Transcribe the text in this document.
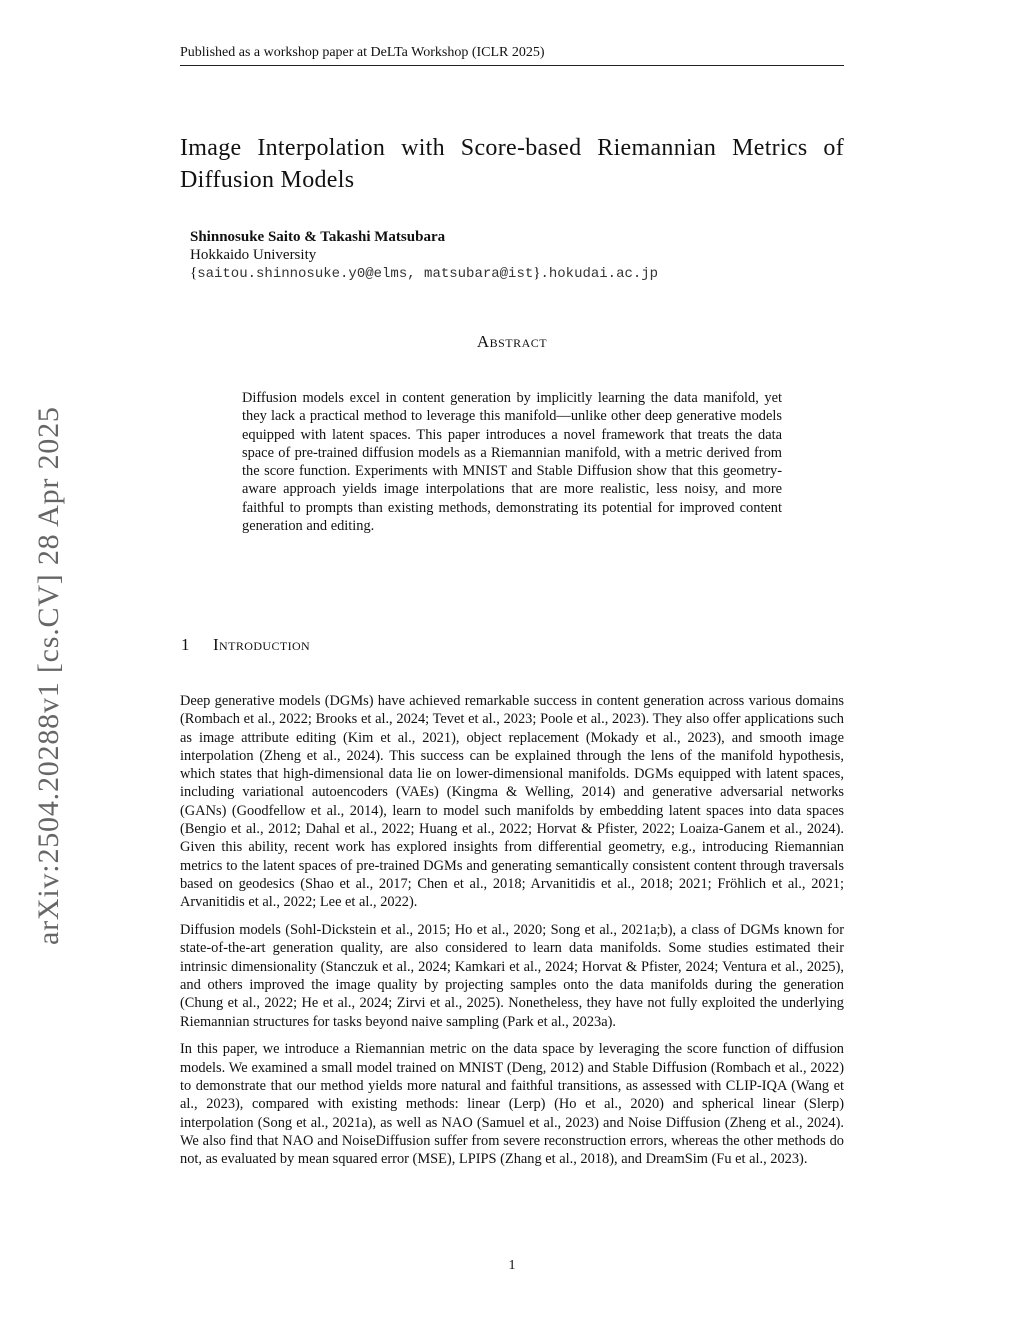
Published as a workshop paper at DeLTa Workshop (ICLR 2025)
Image Interpolation with Score-based Riemannian Metrics of Diffusion Models
Shinnosuke Saito & Takashi Matsubara
Hokkaido University
{saitou.shinnosuke.y0@elms, matsubara@ist}.hokudai.ac.jp
Abstract
Diffusion models excel in content generation by implicitly learning the data manifold, yet they lack a practical method to leverage this manifold—unlike other deep generative models equipped with latent spaces. This paper introduces a novel framework that treats the data space of pre-trained diffusion models as a Riemannian manifold, with a metric derived from the score function. Experiments with MNIST and Stable Diffusion show that this geometry-aware approach yields image interpolations that are more realistic, less noisy, and more faithful to prompts than existing methods, demonstrating its potential for improved content generation and editing.
1 Introduction

Deep generative models (DGMs) have achieved remarkable success in content generation across various domains (Rombach et al., 2022; Brooks et al., 2024; Tevet et al., 2023; Poole et al., 2023). They also offer applications such as image attribute editing (Kim et al., 2021), object replacement (Mokady et al., 2023), and smooth image interpolation (Zheng et al., 2024). This success can be explained through the lens of the manifold hypothesis, which states that high-dimensional data lie on lower-dimensional manifolds. DGMs equipped with latent spaces, including variational autoencoders (VAEs) (Kingma & Welling, 2014) and generative adversarial networks (GANs) (Goodfellow et al., 2014), learn to model such manifolds by embedding latent spaces into data spaces (Bengio et al., 2012; Dahal et al., 2022; Huang et al., 2022; Horvat & Pfister, 2022; Loaiza-Ganem et al., 2024). Given this ability, recent work has explored insights from differential geometry, e.g., introducing Riemannian metrics to the latent spaces of pre-trained DGMs and generating semantically consistent content through traversals based on geodesics (Shao et al., 2017; Chen et al., 2018; Arvanitidis et al., 2018; 2021; Fröhlich et al., 2021; Arvanitidis et al., 2022; Lee et al., 2022).

Diffusion models (Sohl-Dickstein et al., 2015; Ho et al., 2020; Song et al., 2021a;b), a class of DGMs known for state-of-the-art generation quality, are also considered to learn data manifolds. Some studies estimated their intrinsic dimensionality (Stanczuk et al., 2024; Kamkari et al., 2024; Horvat & Pfister, 2024; Ventura et al., 2025), and others improved the image quality by projecting samples onto the data manifolds during the generation (Chung et al., 2022; He et al., 2024; Zirvi et al., 2025). Nonetheless, they have not fully exploited the underlying Riemannian structures for tasks beyond naive sampling (Park et al., 2023a).

In this paper, we introduce a Riemannian metric on the data space by leveraging the score function of diffusion models. We examined a small model trained on MNIST (Deng, 2012) and Stable Diffusion (Rombach et al., 2022) to demonstrate that our method yields more natural and faithful transitions, as assessed with CLIP-IQA (Wang et al., 2023), compared with existing methods: linear (Lerp) (Ho et al., 2020) and spherical linear (Slerp) interpolation (Song et al., 2021a), as well as NAO (Samuel et al., 2023) and Noise Diffusion (Zheng et al., 2024). We also find that NAO and NoiseDiffusion suffer from severe reconstruction errors, whereas the other methods do not, as evaluated by mean squared error (MSE), LPIPS (Zhang et al., 2018), and DreamSim (Fu et al., 2023).

1
arXiv:2504.20288v1 [cs.CV] 28 Apr 2025
